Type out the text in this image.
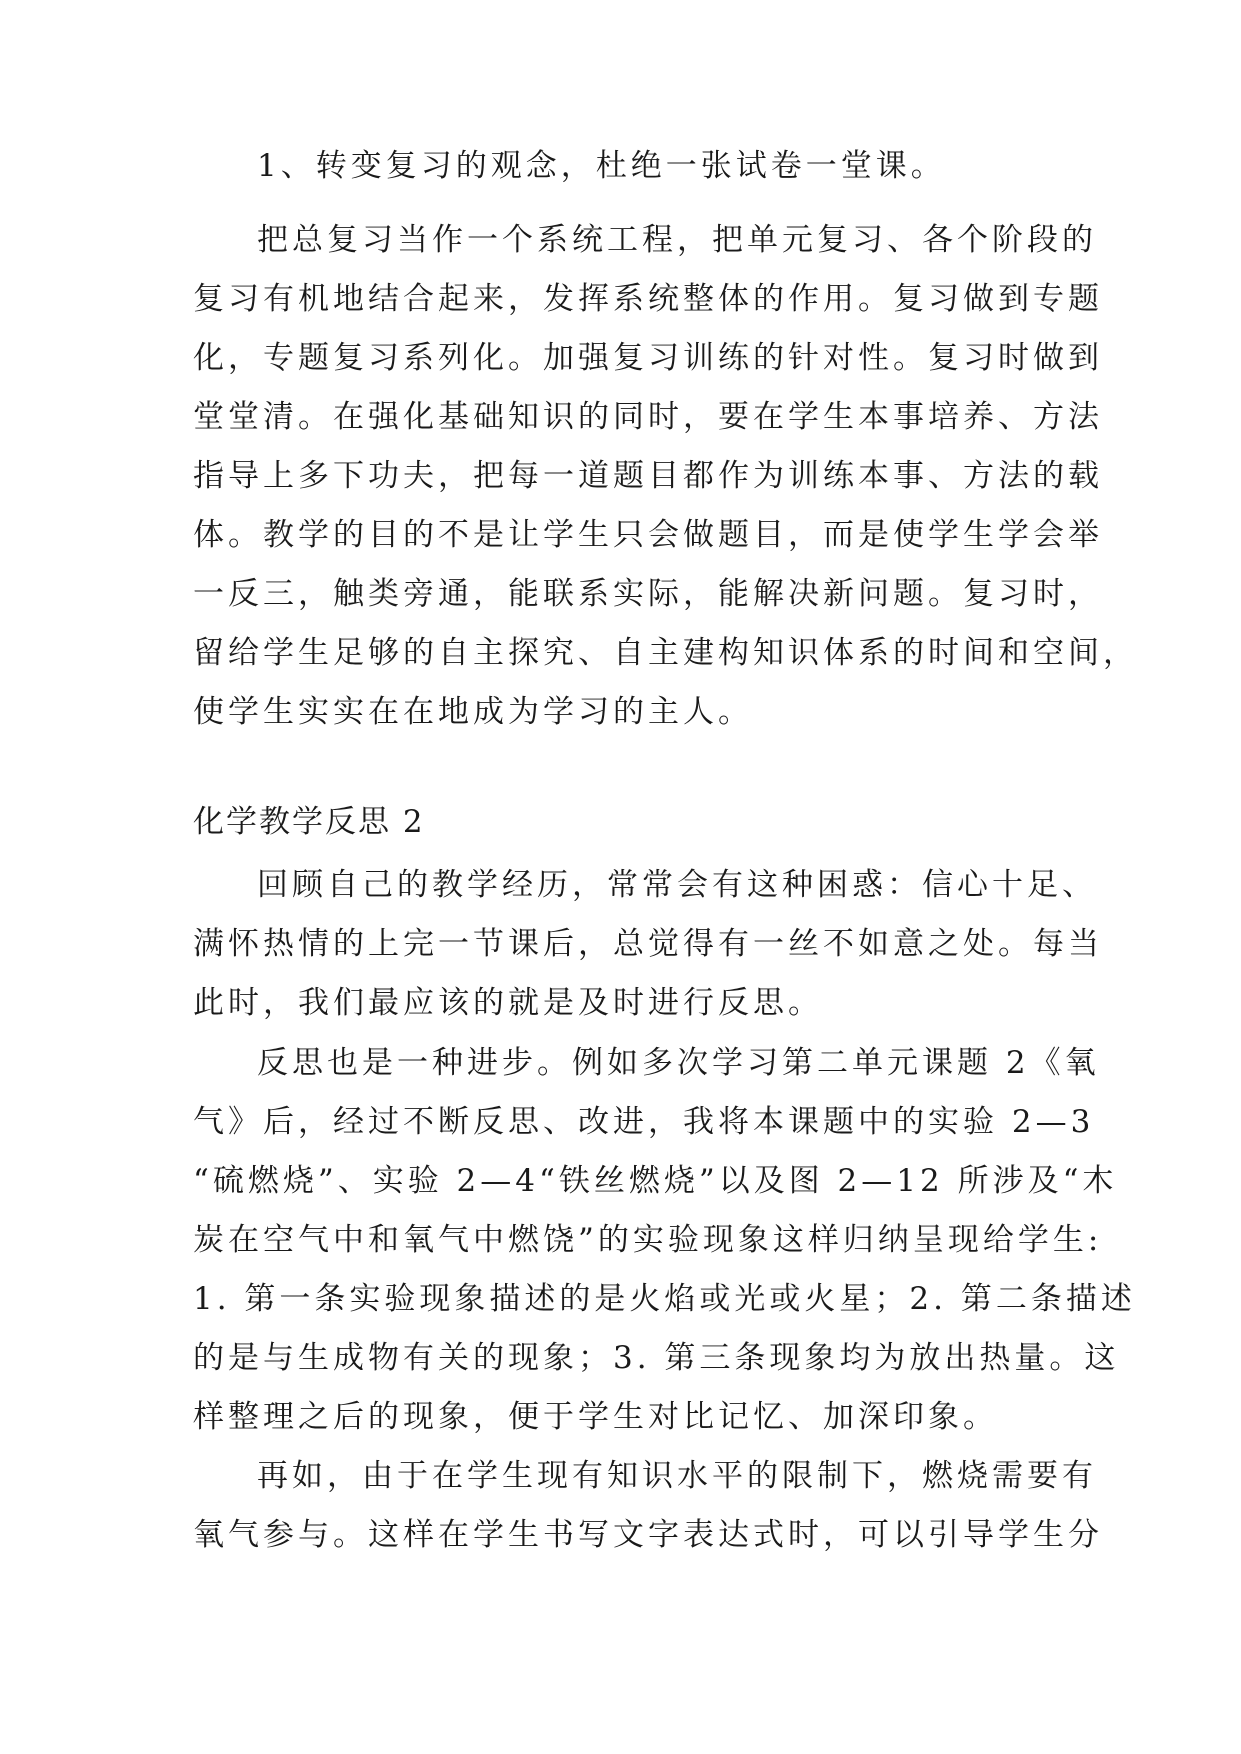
1、转变复习的观念，杜绝一张试卷一堂课。
把总复习当作一个系统工程，把单元复习、各个阶段的
复习有机地结合起来，发挥系统整体的作用。复习做到专题
化，专题复习系列化。加强复习训练的针对性。复习时做到
堂堂清。在强化基础知识的同时，要在学生本事培养、方法
指导上多下功夫，把每一道题目都作为训练本事、方法的载
体。教学的目的不是让学生只会做题目，而是使学生学会举
一反三，触类旁通，能联系实际，能解决新问题。复习时，
留给学生足够的自主探究、自主建构知识体系的时间和空间，
使学生实实在在地成为学习的主人。
化学教学反思 2
回顾自己的教学经历，常常会有这种困惑：信心十足、
满怀热情的上完一节课后，总觉得有一丝不如意之处。每当
此时，我们最应该的就是及时进行反思。
反思也是一种进步。例如多次学习第二单元课题 2《氧
气》后，经过不断反思、改进，我将本课题中的实验 2—3
“硫燃烧”、实验 2—4“铁丝燃烧”以及图 2—12 所涉及“木
炭在空气中和氧气中燃饶”的实验现象这样归纳呈现给学生:
1. 第一条实验现象描述的是火焰或光或火星；2. 第二条描述
的是与生成物有关的现象；3. 第三条现象均为放出热量。这
样整理之后的现象，便于学生对比记忆、加深印象。
再如，由于在学生现有知识水平的限制下，燃烧需要有
氧气参与。这样在学生书写文字表达式时，可以引导学生分
